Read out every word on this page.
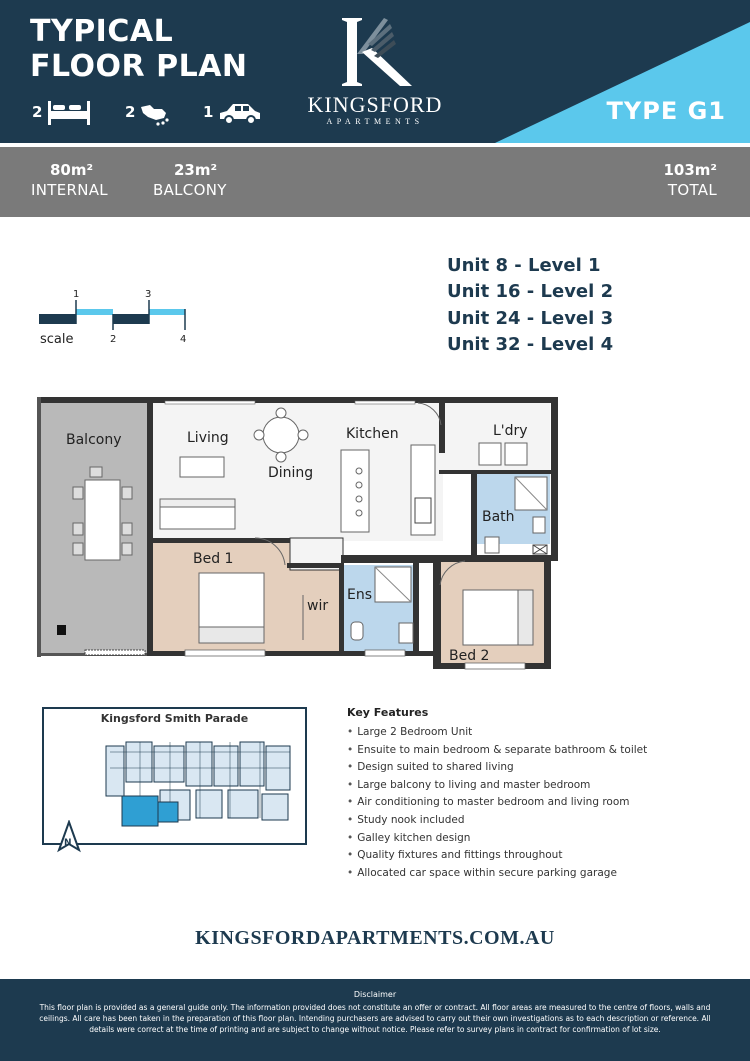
TYPICAL
FLOOR PLAN
2	2	1	KINGSFORD
APARTMENTS	TYPE G1
80m²
INTERNAL
23m²
BALCONY
103m²
TOTAL
Unit 8 - Level 1
Unit 16 - Level 2
Unit 24 - Level 3
Unit 32 - Level 4
1	3
2	4
scale
Balcony	Living	Kitchen	L'dry
Dining
Bath
Bed 1
wir
Ens
Bed 2
Kingsford Smith Parade
N
Key Features
• Large 2 Bedroom Unit
• Ensuite to main bedroom & separate bathroom & toilet
• Design suited to shared living
• Large balcony to living and master bedroom
• Air conditioning to master bedroom and living room
• Study nook included
• Galley kitchen design
• Quality fixtures and fittings throughout
• Allocated car space within secure parking garage
KINGSFORDAPARTMENTS.COM.AU
Disclaimer
This floor plan is provided as a general guide only. The information provided does not constitute an offer or contract. All floor areas are measured to the centre of floors, walls and ceilings. All care has been taken in the preparation of this floor plan. Intending purchasers are advised to carry out their own investigations as to each description or reference. All details were correct at the time of printing and are subject to change without notice. Please refer to survey plans in contract for confirmation of lot size.
